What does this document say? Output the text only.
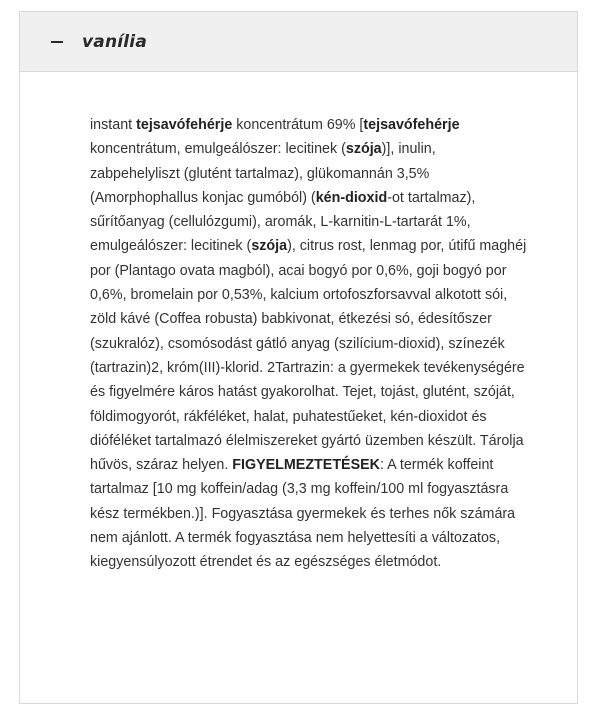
vanília

instant tejsavófehérje koncentrátum 69% [tejsavófehérje koncentrátum, emulgeálószer: lecitinek (szója)], inulin, zabpehelyliszt (glutént tartalmaz), glükomannán 3,5% (Amorphophallus konjac gumóból) (kén-dioxid-ot tartalmaz), sűrítőanyag (cellulózgumi), aromák, L-karnitin-L-tartarát 1%, emulgeálószer: lecitinek (szója), citrus rost, lenmag por, útifű maghéj por (Plantago ovata magból), acai bogyó por 0,6%, goji bogyó por 0,6%, bromelain por 0,53%, kalcium ortofoszforsavval alkotott sói, zöld kávé (Coffea robusta) babkivonat, étkezési só, édesítőszer (szukralóz), csomósodást gátló anyag (szilícium-dioxid), színezék (tartrazin)2, króm(III)-klorid. 2Tartrazin: a gyermekek tevékenységére és figyelmére káros hatást gyakorolhat. Tejet, tojást, glutént, szóját, földimogyorót, rákféléket, halat, puhatestűeket, kén-dioxidot és dióféléket tartalmazó élelmiszereket gyártó üzemben készült. Tárolja hűvös, száraz helyen. FIGYELMEZTETÉSEK: A termék koffeint tartalmaz [10 mg koffein/adag (3,3 mg koffein/100 ml fogyasztásra kész termékben.)]. Fogyasztása gyermekek és terhes nők számára nem ajánlott. A termék fogyasztása nem helyettesíti a változatos, kiegyensúlyozott étrendet és az egészséges életmódot.
